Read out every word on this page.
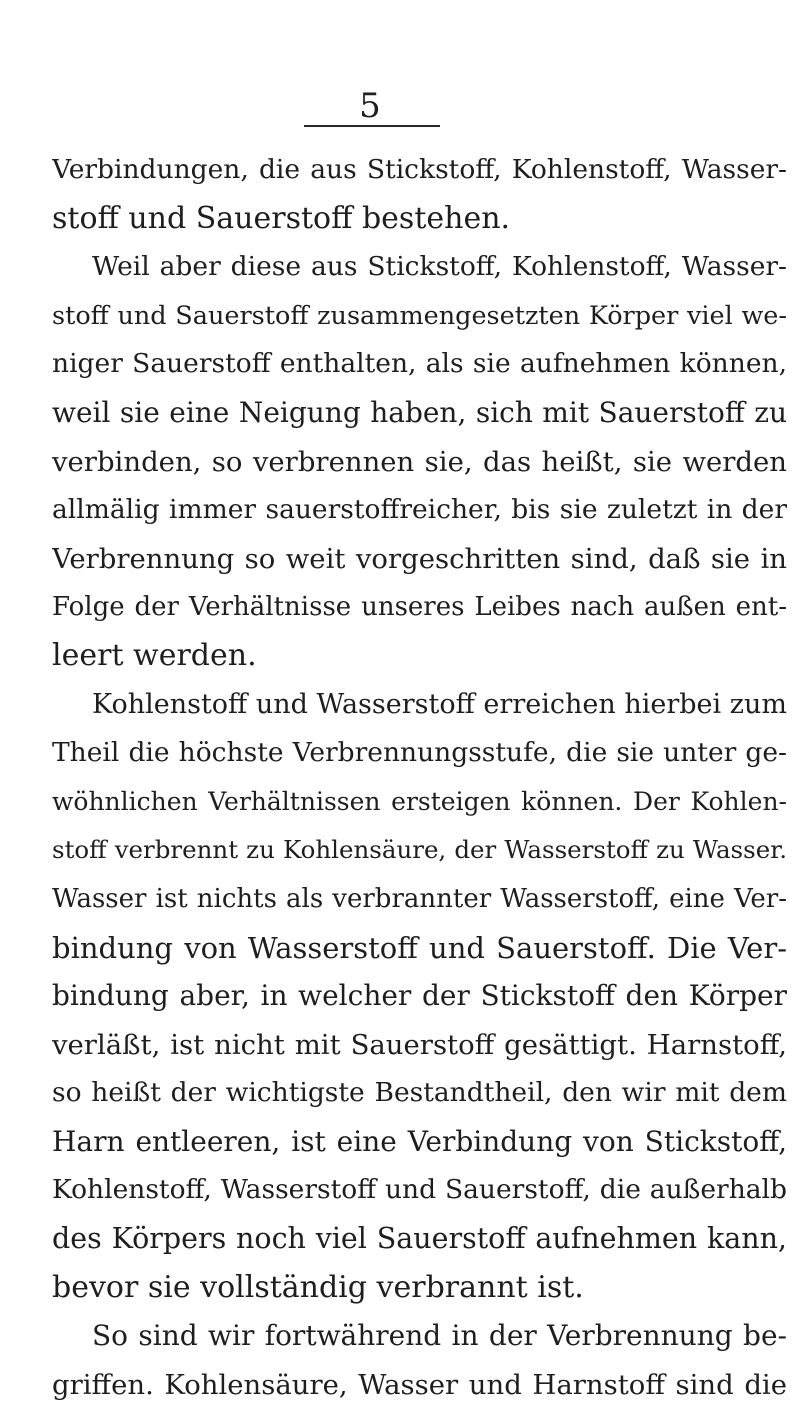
5
Verbindungen, die aus Stickstoff, Kohlenstoff, Wasser-
stoff und Sauerstoff bestehen.
Weil aber diese aus Stickstoff, Kohlenstoff, Wasser-
stoff und Sauerstoff zusammengesetzten Körper viel we-
niger Sauerstoff enthalten, als sie aufnehmen können,
weil sie eine Neigung haben, sich mit Sauerstoff zu
verbinden, so verbrennen sie, das heißt, sie werden
allmälig immer sauerstoffreicher, bis sie zuletzt in der
Verbrennung so weit vorgeschritten sind, daß sie in
Folge der Verhältnisse unseres Leibes nach außen ent-
leert werden.
Kohlenstoff und Wasserstoff erreichen hierbei zum
Theil die höchste Verbrennungsstufe, die sie unter ge-
wöhnlichen Verhältnissen ersteigen können. Der Kohlen-
stoff verbrennt zu Kohlensäure, der Wasserstoff zu Wasser.
Wasser ist nichts als verbrannter Wasserstoff, eine Ver-
bindung von Wasserstoff und Sauerstoff. Die Ver-
bindung aber, in welcher der Stickstoff den Körper
verläßt, ist nicht mit Sauerstoff gesättigt. Harnstoff,
so heißt der wichtigste Bestandtheil, den wir mit dem
Harn entleeren, ist eine Verbindung von Stickstoff,
Kohlenstoff, Wasserstoff und Sauerstoff, die außerhalb
des Körpers noch viel Sauerstoff aufnehmen kann,
bevor sie vollständig verbrannt ist.
So sind wir fortwährend in der Verbrennung be-
griffen. Kohlensäure, Wasser und Harnstoff sind die
